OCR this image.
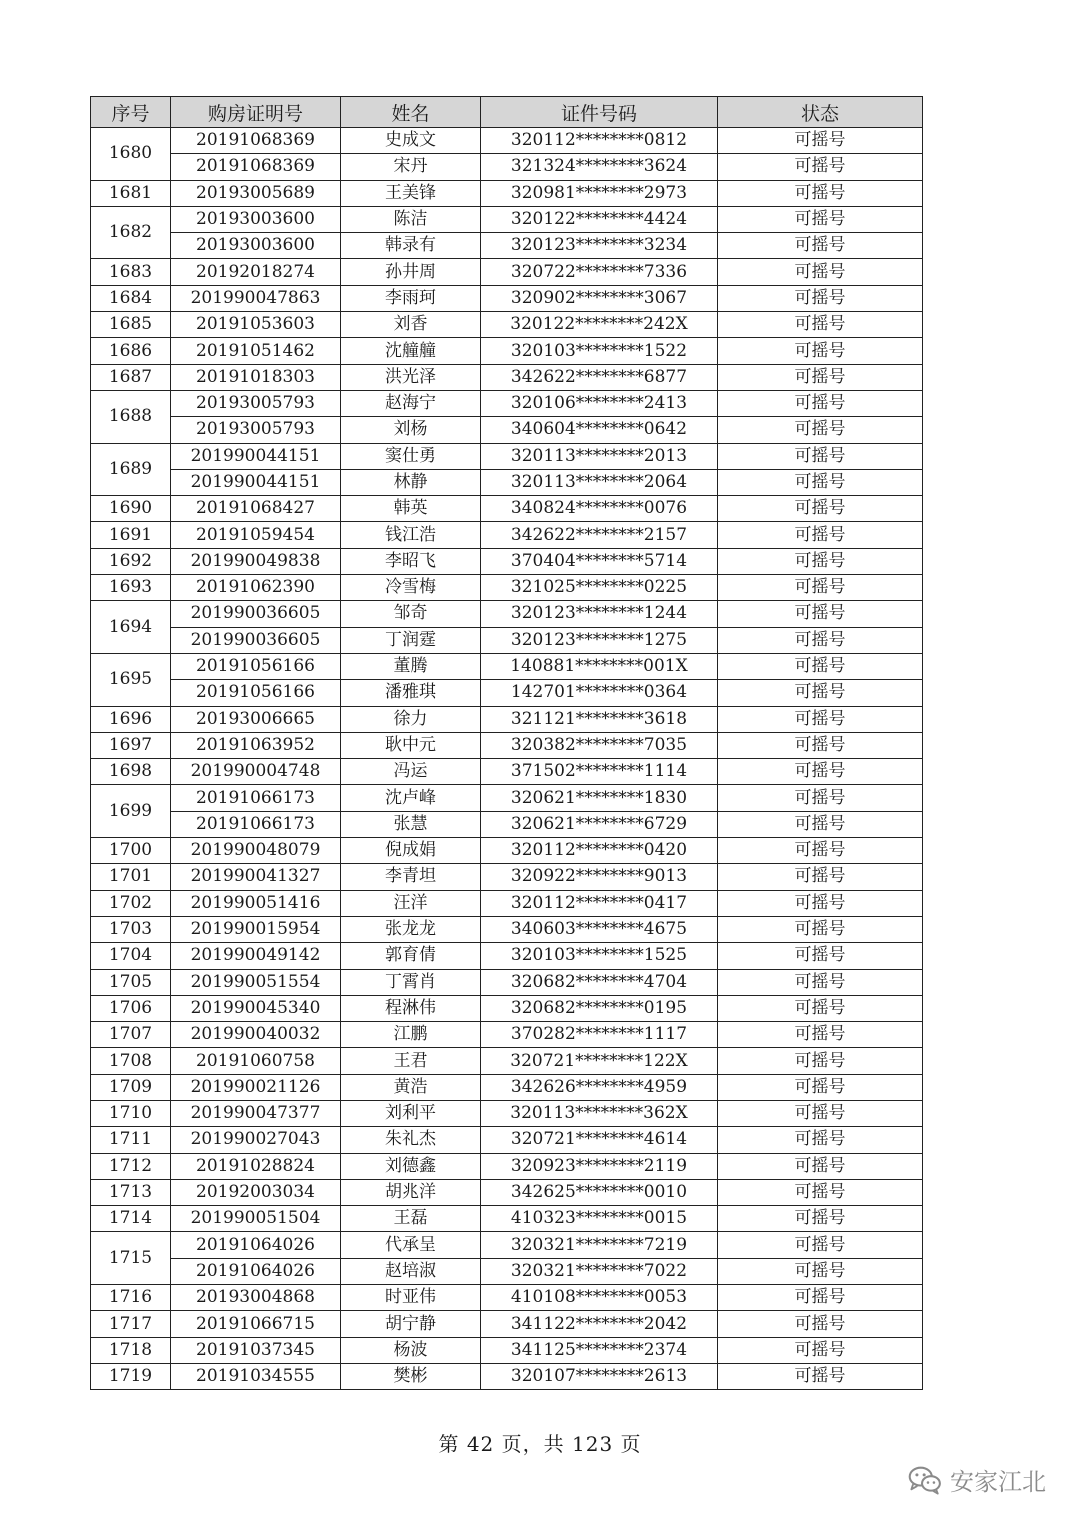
序号	购房证明号	姓名	证件号码	状态
1680	20191068369	史成文	320112********0812	可摇号
	20191068369	宋丹	321324********3624	可摇号
1681	20193005689	王美锋	320981********2973	可摇号
1682	20193003600	陈洁	320122********4424	可摇号
	20193003600	韩录有	320123********3234	可摇号
1683	20192018274	孙井周	320722********7336	可摇号
1684	201990047863	李雨珂	320902********3067	可摇号
1685	20191053603	刘香	320122********242X	可摇号
1686	20191051462	沈艟艟	320103********1522	可摇号
1687	20191018303	洪光泽	342622********6877	可摇号
1688	20193005793	赵海宁	320106********2413	可摇号
	20193005793	刘杨	340604********0642	可摇号
1689	201990044151	窦仕勇	320113********2013	可摇号
	201990044151	林静	320113********2064	可摇号
1690	20191068427	韩英	340824********0076	可摇号
1691	20191059454	钱江浩	342622********2157	可摇号
1692	201990049838	李昭飞	370404********5714	可摇号
1693	20191062390	冷雪梅	321025********0225	可摇号
1694	201990036605	邹奇	320123********1244	可摇号
	201990036605	丁润霆	320123********1275	可摇号
1695	20191056166	董腾	140881********001X	可摇号
	20191056166	潘雅琪	142701********0364	可摇号
1696	20193006665	徐力	321121********3618	可摇号
1697	20191063952	耿中元	320382********7035	可摇号
1698	201990004748	冯运	371502********1114	可摇号
1699	20191066173	沈卢峰	320621********1830	可摇号
	20191066173	张慧	320621********6729	可摇号
1700	201990048079	倪成娟	320112********0420	可摇号
1701	201990041327	李青坦	320922********9013	可摇号
1702	201990051416	汪洋	320112********0417	可摇号
1703	201990015954	张龙龙	340603********4675	可摇号
1704	201990049142	郭育倩	320103********1525	可摇号
1705	201990051554	丁霄肖	320682********4704	可摇号
1706	201990045340	程淋伟	320682********0195	可摇号
1707	201990040032	江鹏	370282********1117	可摇号
1708	20191060758	王君	320721********122X	可摇号
1709	201990021126	黄浩	342626********4959	可摇号
1710	201990047377	刘利平	320113********362X	可摇号
1711	201990027043	朱礼杰	320721********4614	可摇号
1712	20191028824	刘德鑫	320923********2119	可摇号
1713	20192003034	胡兆洋	342625********0010	可摇号
1714	201990051504	王磊	410323********0015	可摇号
1715	20191064026	代承呈	320321********7219	可摇号
	20191064026	赵培淑	320321********7022	可摇号
1716	20193004868	时亚伟	410108********0053	可摇号
1717	20191066715	胡宁静	341122********2042	可摇号
1718	20191037345	杨波	341125********2374	可摇号
1719	20191034555	樊彬	320107********2613	可摇号
第 42 页，共 123 页
安家江北
